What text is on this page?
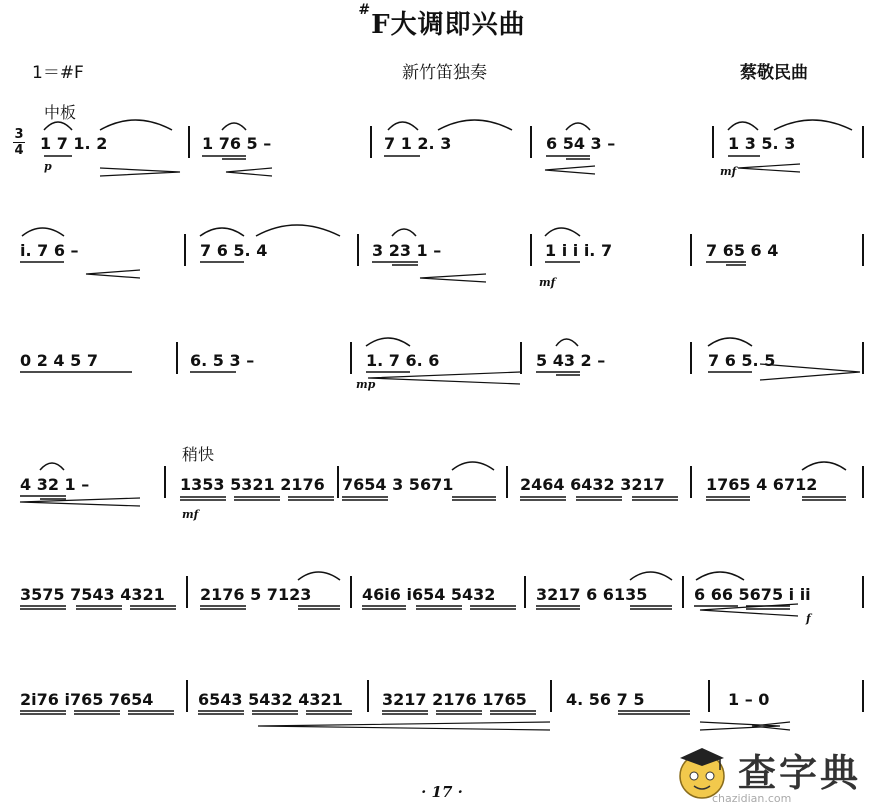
#F大调即兴曲
1＝#F	新竹笛独奏	蔡敬民曲
中板
稍快
3
4 1 7 1. 2	1 76 5 –	7 1 2. 3	6 54 3 –	1 3 5. 3
p	mf
i. 7 6 –	7 6 5. 4	3 23 1 –	1 i i i. 7	7 65 6 4
mf
0 2 4 5 7	6. 5 3 –	1. 7 6. 6	5 43 2 –	7 6 5. 5
mp
4 32 1 –	1353 5321 2176 7654 3 5671	2464 6432 3217	1765 4 6712
mf
3575 7543 4321 2176 5 7123	46i6 i654 5432	3217 6 6135	6 66 5675 i ii
f
2i76 i765 7654	6543 5432 4321 3217 2176 1765 4. 56 7 5	1 – 0
· 17 ·	查字典
chazidian.com
